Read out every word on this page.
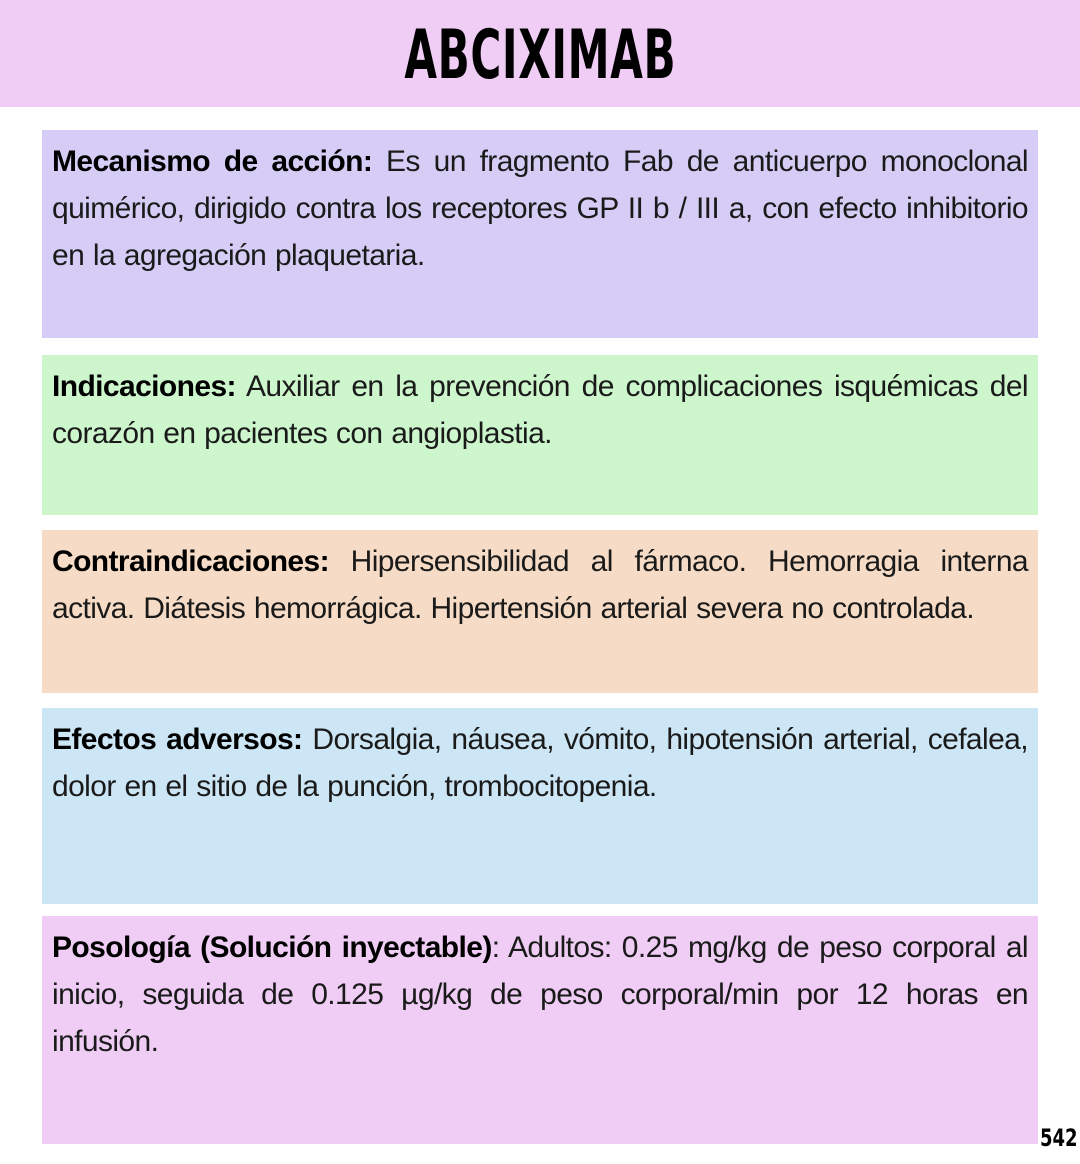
ABCIXIMAB

Mecanismo de acción: Es un fragmento Fab de anticuerpo monoclonal quimérico, dirigido contra los receptores GP II b / III a, con efecto inhibitorio en la agregación plaquetaria.

Indicaciones: Auxiliar en la prevención de complicaciones isquémicas del corazón en pacientes con angioplastia.

Contraindicaciones: Hipersensibilidad al fármaco. Hemorragia interna activa. Diátesis hemorrágica. Hipertensión arterial severa no controlada.

Efectos adversos: Dorsalgia, náusea, vómito, hipotensión arterial, cefalea, dolor en el sitio de la punción, trombocitopenia.

Posología (Solución inyectable): Adultos: 0.25 mg/kg de peso corporal al inicio, seguida de 0.125 µg/kg de peso corporal/min por 12 horas en infusión.

542
